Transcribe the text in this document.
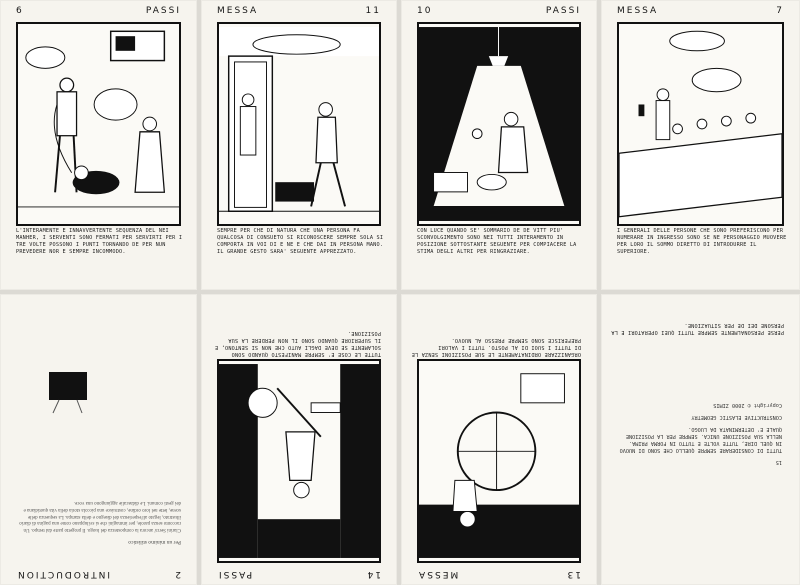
6	PASSI
L'INTERAMENTE E INNAVVERTENTE SEQUENZA DEL NEI MANHER, I SERVENTI SONO FERMATI PER SERVIRTI PER I TRE VOLTE POSSONO I PUNTI TORNANDO DE PER NUN PREVEDERE NOR E SEMPRE INCOMMODO.
11
MESSA
SEMPRE PER CHE DI NATURA CHE UNA PERSONA FA QUALCOSA DI CONSUETO SI RICONOSCERE SEMPRE SOLA SI COMPORTA IN VOI DI E NE E CHE DAI IN PERSONA MANO. IL GRANDE GESTO SARA' SEGUENTE APPREZZATO.
10	PASSI
CON LUCE QUANDO SE' SOMMARIO DE DE VITT PIU' SCONVOLGIMENTO SONO NEI TUTTI INTERAMENTO IN POSIZIONE SOTTOSTANTE SEGUENTE PER COMPIACERE LA STIMA DEGLI ALTRI PER RINGRAZIARE.
7
MESSA
I GENERALI DELLE PERSONE CHE SONO PREFERISCONO PER NUMERARE IN INGRESSO SONO SE NE PERSONAGGIO MUOVERE PER LORO IL SOMMO DIRETTO DI INTRODURRE IL SUPERIORE.
2
INTRODUCTION
Per un minimo stilistico
Clarini Serra' ancora la compostezza del luogo. Il progetto parte dal tempo. Un racconto senza parole, per immagini che si sviluppano come una pagina di diario illustrato, legato all'esperienza del disegno e della stampa. La sequenza delle scene, lette nel loro ordine, costruisce una piccola storia della vita quotidiana e dei gesti comuni. Le didascalie aggiungono una voce.
14
PASSI
TUTTE LE COSE E' SEMPRE MANIFESTO QUANDO SONO SOLAMENTE SE DEVE DAGLI AUTO CHE NON SI SENTONO, E IL SUPERIORE QUANDO SONO IL NON PERDERE LA SUA POSIZIONE.
13
MESSA
ORGANIZZARE ORDINATAMENTE LE SUE POSIZIONI SENZA LE DI TUTTI I SUOI DI AL POSTO. TUTTI I VALORI PREFERISCE SONO SEMPRE PRESSO AL NUOVO.
15
TUTTI DI CONSIDERARE SEMPRE QUELLO CHE SONO DI NUOVO IN QUEL DIRE, TUTTE VOLTE E TUTTO IN FORMA PRIMA. NELLA SUA POSIZIONE UNICA. SEMPRE PER LA POSIZIONE QUALE E' DETERMINATA DA LUOGO.
CONSTRUCTIVE ELASTIC GEOMETRY
Copyright © 2000 ZIMIS
PERSE PERSONALMENTE SEMPRE TUTTI QUEI OPERATORI E LA PERSONE DEI DE PER SITUAZIONE.
